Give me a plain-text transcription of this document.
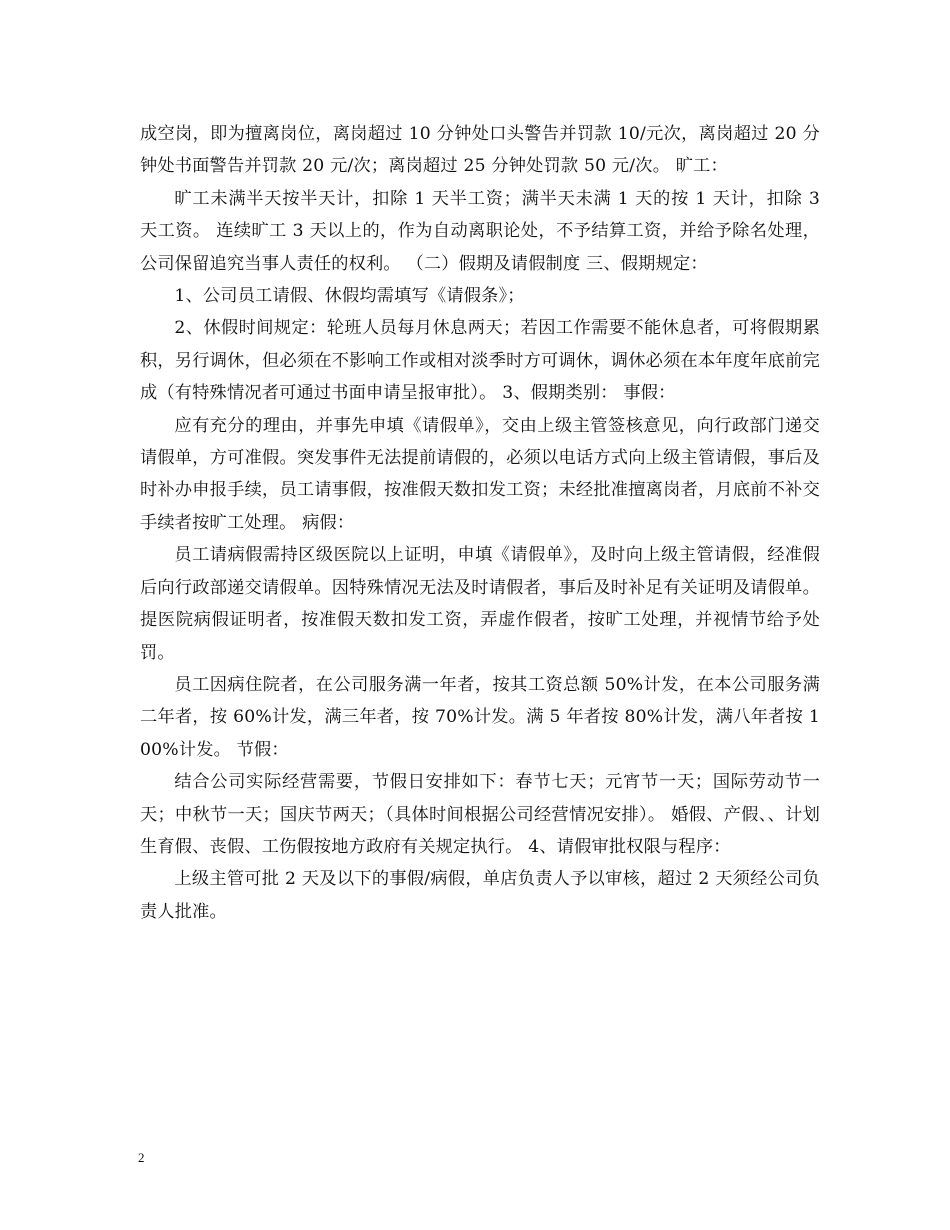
成空岗，即为擅离岗位，离岗超过 10 分钟处口头警告并罚款 10/元次，离岗超过 20 分钟处书面警告并罚款 20 元/次；离岗超过 25 分钟处罚款 50 元/次。 旷工：

旷工未满半天按半天计，扣除 1 天半工资；满半天未满 1 天的按 1 天计，扣除 3 天工资。 连续旷工 3 天以上的，作为自动离职论处，不予结算工资，并给予除名处理，公司保留追究当事人责任的权利。 （二）假期及请假制度 三、假期规定：

1、公司员工请假、休假均需填写《请假条》；

2、休假时间规定：轮班人员每月休息两天；若因工作需要不能休息者，可将假期累积，另行调休，但必须在不影响工作或相对淡季时方可调休，调休必须在本年度年底前完成（有特殊情况者可通过书面申请呈报审批）。 3、假期类别： 事假：

应有充分的理由，并事先申填《请假单》，交由上级主管签核意见，向行政部门递交请假单，方可准假。突发事件无法提前请假的，必须以电话方式向上级主管请假，事后及时补办申报手续，员工请事假，按准假天数扣发工资；未经批准擅离岗者，月底前不补交手续者按旷工处理。 病假：

员工请病假需持区级医院以上证明，申填《请假单》，及时向上级主管请假，经准假后向行政部递交请假单。因特殊情况无法及时请假者，事后及时补足有关证明及请假单。提医院病假证明者，按准假天数扣发工资，弄虚作假者，按旷工处理，并视情节给予处罚。

员工因病住院者，在公司服务满一年者，按其工资总额 50%计发，在本公司服务满二年者，按 60%计发，满三年者，按 70%计发。满 5 年者按 80%计发，满八年者按 100%计发。 节假：

结合公司实际经营需要，节假日安排如下：春节七天；元宵节一天；国际劳动节一天；中秋节一天；国庆节两天；（具体时间根据公司经营情况安排）。 婚假、产假、、计划生育假、丧假、工伤假按地方政府有关规定执行。 4、请假审批权限与程序：

上级主管可批 2 天及以下的事假/病假，单店负责人予以审核，超过 2 天须经公司负责人批准。

2
